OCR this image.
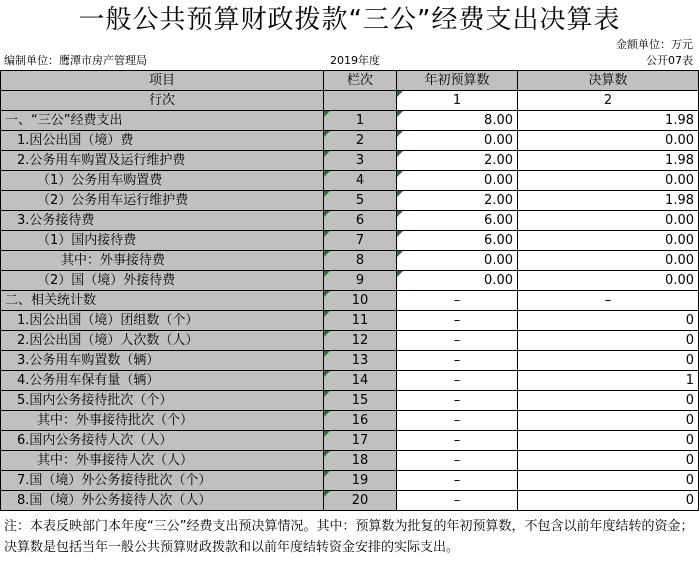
一般公共预算财政拨款“三公”经费支出决算表
金额单位：万元
编制单位：鹰潭市房产管理局	2019年度	公开07表
项目	栏次	年初预算数	决算数
行次		1	2
一、“三公”经费支出	1	8.00	1.98
1.因公出国（境）费	2	0.00	0.00
2.公务用车购置及运行维护费	3	2.00	1.98
（1）公务用车购置费	4	0.00	0.00
（2）公务用车运行维护费	5	2.00	1.98
3.公务接待费	6	6.00	0.00
（1）国内接待费	7	6.00	0.00
其中：外事接待费	8	0.00	0.00
（2）国（境）外接待费	9	0.00	0.00
二、相关统计数	10	–	–
1.因公出国（境）团组数（个）	11	–	0
2.因公出国（境）人次数（人）	12	–	0
3.公务用车购置数（辆）	13	–	0
4.公务用车保有量（辆）	14	–	1
5.国内公务接待批次（个）	15	–	0
其中：外事接待批次（个）	16	–	0
6.国内公务接待人次（人）	17	–	0
其中：外事接待人次（人）	18	–	0
7.国（境）外公务接待批次（个）	19	–	0
8.国（境）外公务接待人次（人）	20	–	0
注：本表反映部门本年度“三公”经费支出预决算情况。其中：预算数为批复的年初预算数，不包含以前年度结转的资金；决算数是包括当年一般公共预算财政拨款和以前年度结转资金安排的实际支出。
